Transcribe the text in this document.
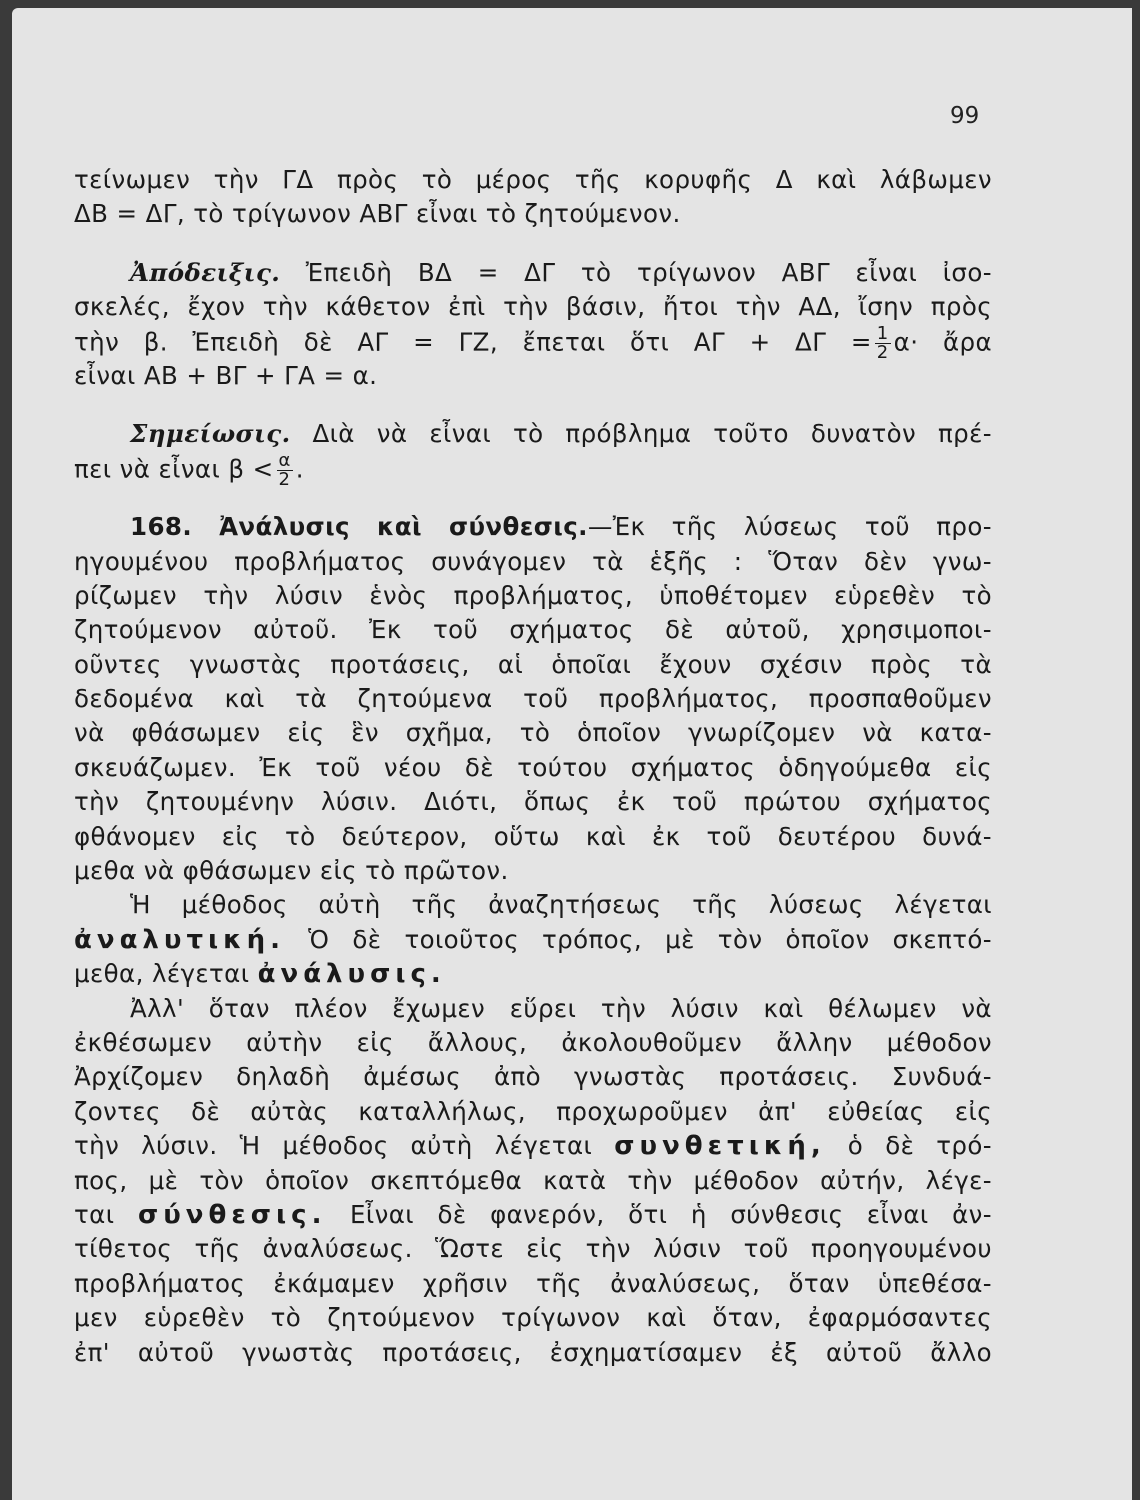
99
τείνωμεν τὴν ΓΔ πρὸς τὸ μέρος τῆς κορυφῆς Δ καὶ λάβωμεν
ΔΒ = ΔΓ, τὸ τρίγωνον ΑΒΓ εἶναι τὸ ζητούμενον.
Ἀπόδειξις. Ἐπειδὴ ΒΔ = ΔΓ τὸ τρίγωνον ΑΒΓ εἶναι ἰσο-
σκελές, ἔχον τὴν κάθετον ἐπὶ τὴν βάσιν, ἤτοι τὴν ΑΔ, ἴσην πρὸς
τὴν β. Ἐπειδὴ δὲ ΑΓ = ΓΖ, ἔπεται ὅτι $A\Gamma + \Delta\Gamma = \frac{1}{2} \alpha\cdot$ ἄρα
εἶναι ΑΒ + ΒΓ + ΓΑ = α.
Σημείωσις. Διὰ νὰ εἶναι τὸ πρόβλημα τοῦτο δυνατὸν πρέ-
πει νὰ εἶναι $\beta < \frac{\alpha}{2}$ .
168. Ἀνάλυσις καὶ σύνθεσις.—Ἐκ τῆς λύσεως τοῦ προ-
ηγουμένου προβλήματος συνάγομεν τὰ ἑξῆς : Ὅταν δὲν γνω-
ρίζωμεν τὴν λύσιν ἑνὸς προβλήματος, ὑποθέτομεν εὑρεθὲν τὸ
ζητούμενον αὐτοῦ. Ἐκ τοῦ σχήματος δὲ αὐτοῦ, χρησιμοποι-
οῦντες γνωστὰς προτάσεις, αἱ ὁποῖαι ἔχουν σχέσιν πρὸς τὰ
δεδομένα καὶ τὰ ζητούμενα τοῦ προβλήματος, προσπαθοῦμεν
νὰ φθάσωμεν εἰς ἓν σχῆμα, τὸ ὁποῖον γνωρίζομεν νὰ κατα-
σκευάζωμεν. Ἐκ τοῦ νέου δὲ τούτου σχήματος ὁδηγούμεθα εἰς
τὴν ζητουμένην λύσιν. Διότι, ὅπως ἐκ τοῦ πρώτου σχήματος
φθάνομεν εἰς τὸ δεύτερον, οὕτω καὶ ἐκ τοῦ δευτέρου δυνά-
μεθα νὰ φθάσωμεν εἰς τὸ πρῶτον.
Ἡ μέθοδος αὐτὴ τῆς ἀναζητήσεως τῆς λύσεως λέγεται
ἀναλυτική. Ὁ δὲ τοιοῦτος τρόπος, μὲ τὸν ὁποῖον σκεπτό-
μεθα, λέγεται ἀνάλυσις.
Ἀλλ' ὅταν πλέον ἔχωμεν εὕρει τὴν λύσιν καὶ θέλωμεν νὰ
ἐκθέσωμεν αὐτὴν εἰς ἄλλους, ἀκολουθοῦμεν ἄλλην μέθοδον
Ἀρχίζομεν δηλαδὴ ἀμέσως ἀπὸ γνωστὰς προτάσεις. Συνδυά-
ζοντες δὲ αὐτὰς καταλλήλως, προχωροῦμεν ἀπ' εὐθείας εἰς
τὴν λύσιν. Ἡ μέθοδος αὐτὴ λέγεται συνθετική, ὁ δὲ τρό-
πος, μὲ τὸν ὁποῖον σκεπτόμεθα κατὰ τὴν μέθοδον αὐτήν, λέγε-
ται σύνθεσις. Εἶναι δὲ φανερόν, ὅτι ἡ σύνθεσις εἶναι ἀν-
τίθετος τῆς ἀναλύσεως. Ὥστε εἰς τὴν λύσιν τοῦ προηγουμένου
προβλήματος ἐκάμαμεν χρῆσιν τῆς ἀναλύσεως, ὅταν ὑπεθέσα-
μεν εὑρεθὲν τὸ ζητούμενον τρίγωνον καὶ ὅταν, ἐφαρμόσαντες
ἐπ' αὐτοῦ γνωστὰς προτάσεις, ἐσχηματίσαμεν ἐξ αὐτοῦ ἄλλο
